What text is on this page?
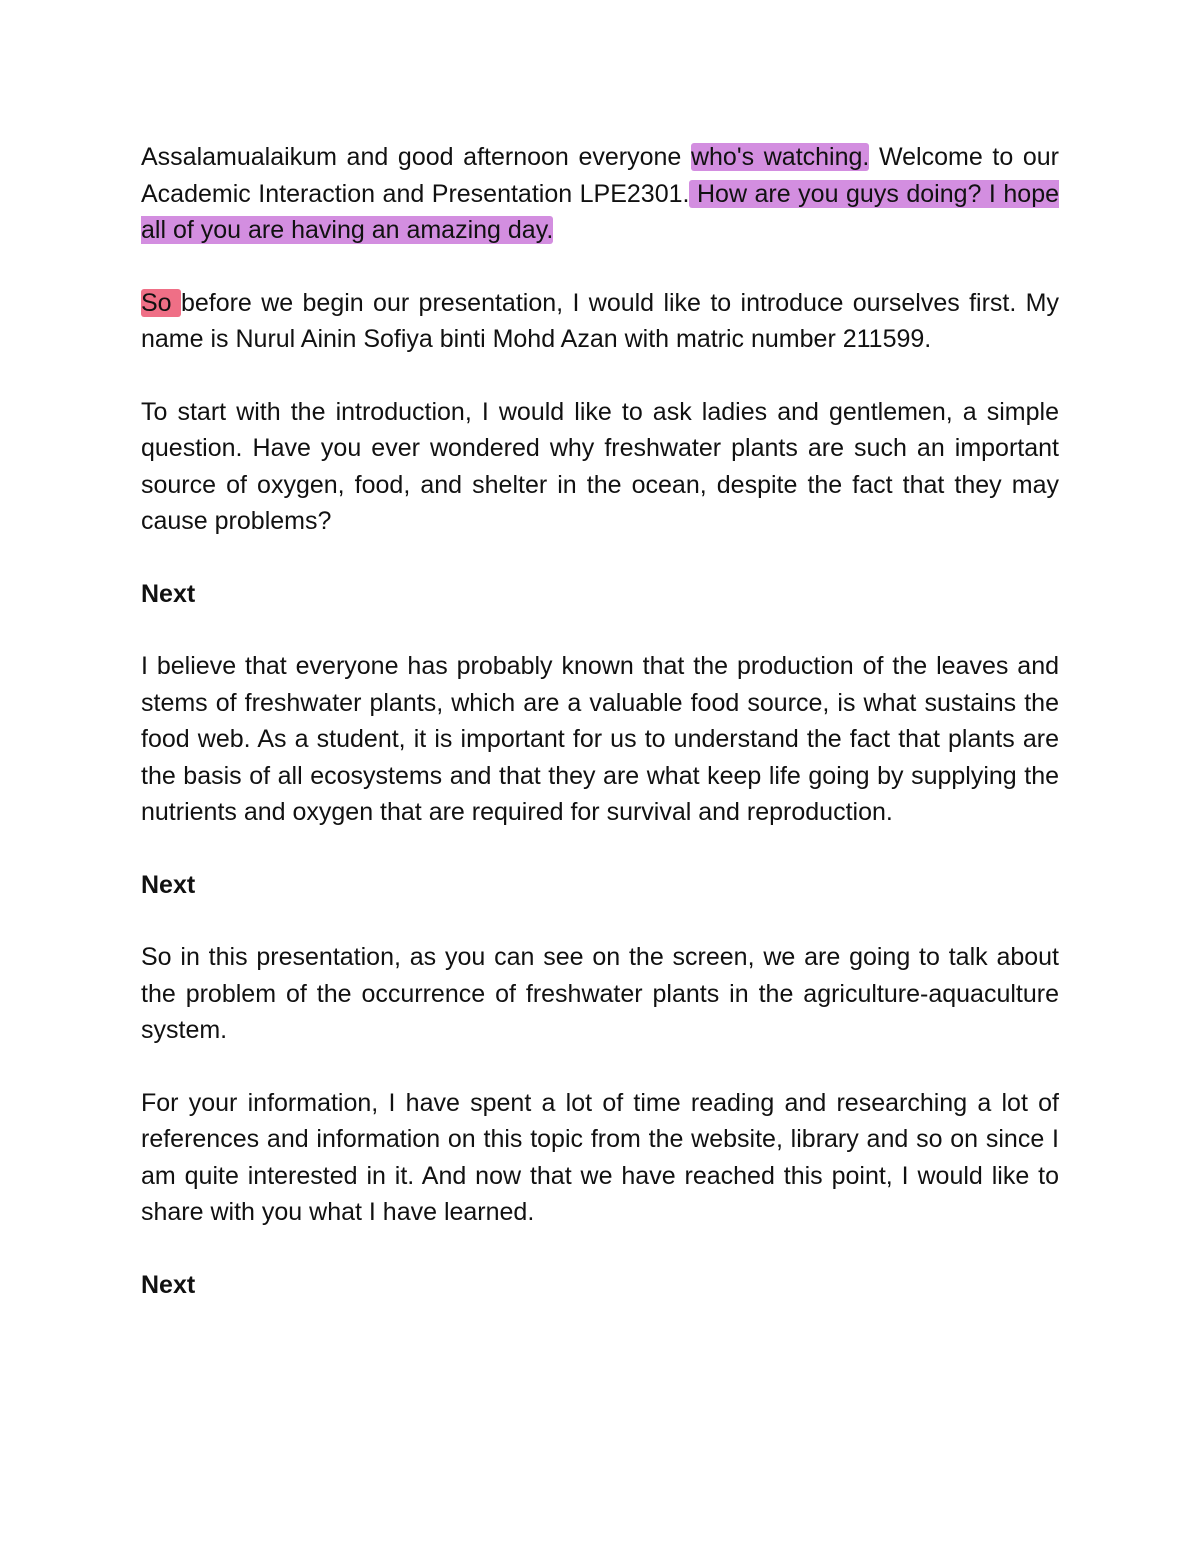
Assalamualaikum and good afternoon everyone who's watching. Welcome to our Academic Interaction and Presentation LPE2301. How are you guys doing? I hope all of you are having an amazing day.

So before we begin our presentation, I would like to introduce ourselves first. My name is Nurul Ainin Sofiya binti Mohd Azan with matric number 211599.

To start with the introduction, I would like to ask ladies and gentlemen, a simple question. Have you ever wondered why freshwater plants are such an important source of oxygen, food, and shelter in the ocean, despite the fact that they may cause problems?

Next

I believe that everyone has probably known that the production of the leaves and stems of freshwater plants, which are a valuable food source, is what sustains the food web. As a student, it is important for us to understand the fact that plants are the basis of all ecosystems and that they are what keep life going by supplying the nutrients and oxygen that are required for survival and reproduction.

Next

So in this presentation, as you can see on the screen, we are going to talk about the problem of the occurrence of freshwater plants in the agriculture-aquaculture system.

For your information, I have spent a lot of time reading and researching a lot of references and information on this topic from the website, library and so on since I am quite interested in it. And now that we have reached this point, I would like to share with you what I have learned.

Next
